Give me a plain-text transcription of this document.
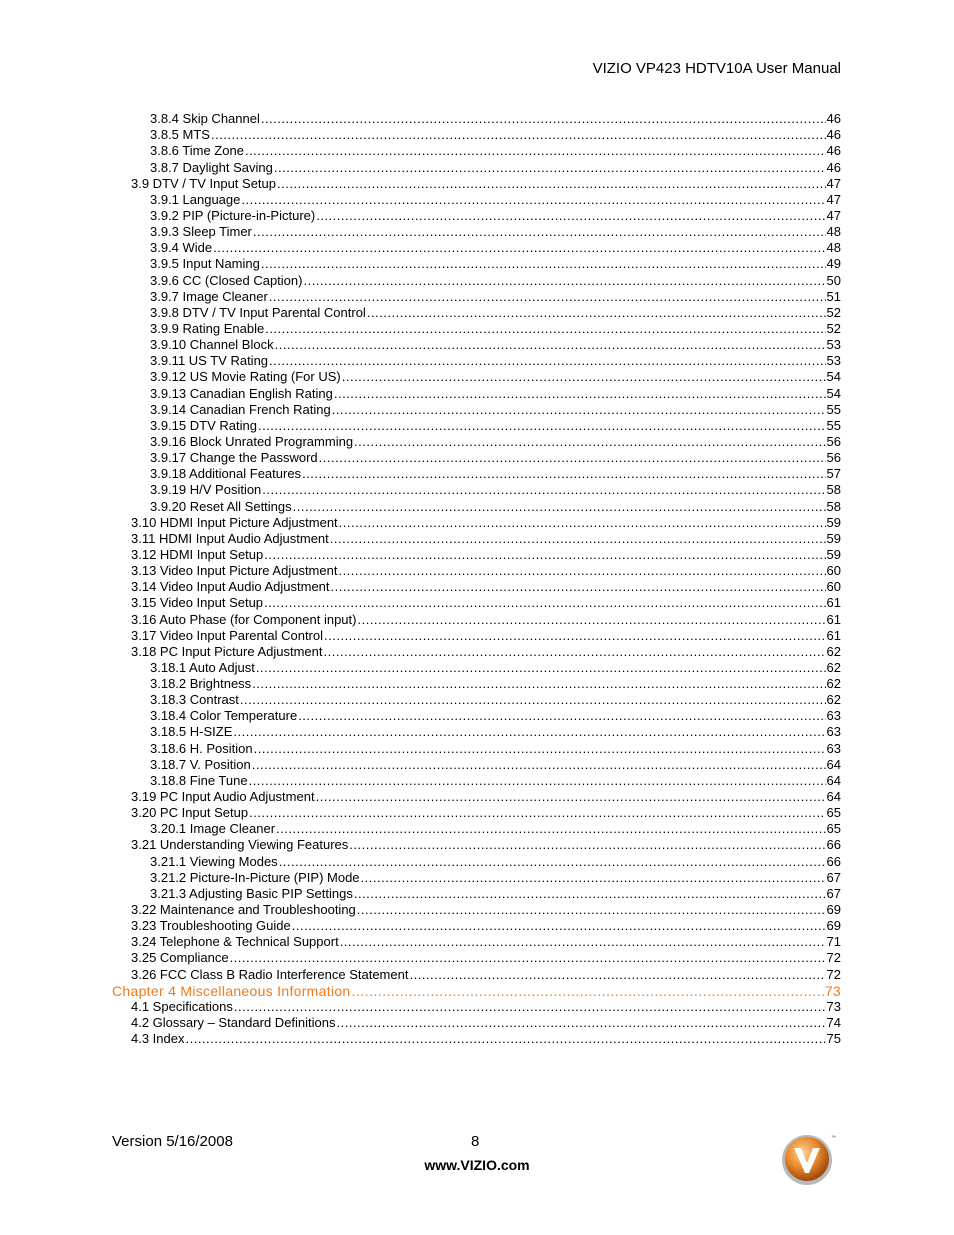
VIZIO VP423 HDTV10A User Manual
3.8.4 Skip Channel .....	46
3.8.5 MTS .....	46
3.8.6 Time Zone .....	46
3.8.7 Daylight Saving .....	46
3.9 DTV / TV Input Setup .....	47
3.9.1 Language .....	47
3.9.2 PIP (Picture-in-Picture) .....	47
3.9.3 Sleep Timer .....	48
3.9.4 Wide .....	48
3.9.5 Input Naming .....	49
3.9.6 CC (Closed Caption) .....	50
3.9.7 Image Cleaner .....	51
3.9.8 DTV / TV Input Parental Control .....	52
3.9.9 Rating Enable .....	52
3.9.10 Channel Block .....	53
3.9.11 US TV Rating .....	53
3.9.12 US Movie Rating (For US) .....	54
3.9.13 Canadian English Rating .....	54
3.9.14 Canadian French Rating .....	55
3.9.15 DTV Rating .....	55
3.9.16 Block Unrated Programming .....	56
3.9.17 Change the Password .....	56
3.9.18 Additional Features .....	57
3.9.19 H/V Position .....	58
3.9.20 Reset All Settings .....	58
3.10 HDMI Input Picture Adjustment .....	59
3.11 HDMI Input Audio Adjustment .....	59
3.12 HDMI Input Setup .....	59
3.13 Video Input Picture Adjustment .....	60
3.14 Video Input Audio Adjustment .....	60
3.15 Video Input Setup .....	61
3.16 Auto Phase (for Component input) .....	61
3.17 Video Input Parental Control .....	61
3.18 PC Input Picture Adjustment .....	62
3.18.1 Auto Adjust .....	62
3.18.2 Brightness .....	62
3.18.3 Contrast .....	62
3.18.4 Color Temperature .....	63
3.18.5 H-SIZE .....	63
3.18.6 H. Position .....	63
3.18.7 V. Position .....	64
3.18.8 Fine Tune .....	64
3.19 PC Input Audio Adjustment .....	64
3.20 PC Input Setup .....	65
3.20.1 Image Cleaner .....	65
3.21 Understanding Viewing Features .....	66
3.21.1 Viewing Modes .....	66
3.21.2 Picture-In-Picture (PIP) Mode .....	67
3.21.3 Adjusting Basic PIP Settings .....	67
3.22 Maintenance and Troubleshooting .....	69
3.23 Troubleshooting Guide .....	69
3.24 Telephone & Technical Support .....	71
3.25 Compliance .....	72
3.26 FCC Class B Radio Interference Statement .....	72
Chapter 4 Miscellaneous Information .....	73
4.1 Specifications .....	73
4.2 Glossary – Standard Definitions .....	74
4.3 Index .....	75
Version 5/16/2008	8
www.VIZIO.com
™
